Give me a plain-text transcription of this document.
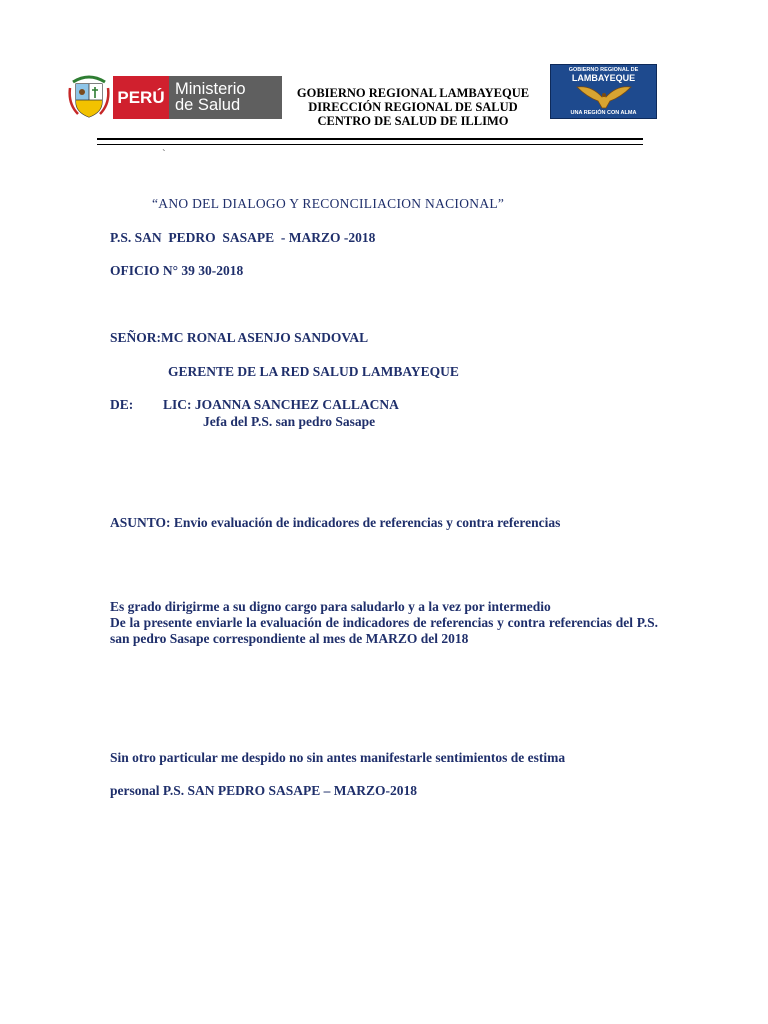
PERÚ Ministerio
de Salud
GOBIERNO REGIONAL LAMBAYEQUE
DIRECCIÓN REGIONAL DE SALUD
CENTRO DE SALUD DE ILLIMO
GOBIERNO REGIONAL DE
LAMBAYEQUE
UNA REGIÓN CON ALMA
`
“ANO DEL DIALOGO Y RECONCILIACION NACIONAL”
P.S. SAN  PEDRO  SASAPE  - MARZO -2018
OFICIO N° 39 30-2018
SEÑOR:MC RONAL ASENJO SANDOVAL
GERENTE DE LA RED SALUD LAMBAYEQUE
DE: LIC: JOANNA SANCHEZ CALLACNA
Jefa del P.S. san pedro Sasape
ASUNTO: Envio evaluación de indicadores de referencias y contra referencias
Es grado dirigirme a su digno cargo para saludarlo y a la vez por intermedio
De la presente enviarle la evaluación de indicadores de referencias y contra referencias del P.S. san pedro Sasape correspondiente al mes de MARZO del 2018
Sin otro particular me despido no sin antes manifestarle sentimientos de estima
personal P.S. SAN PEDRO SASAPE – MARZO-2018
